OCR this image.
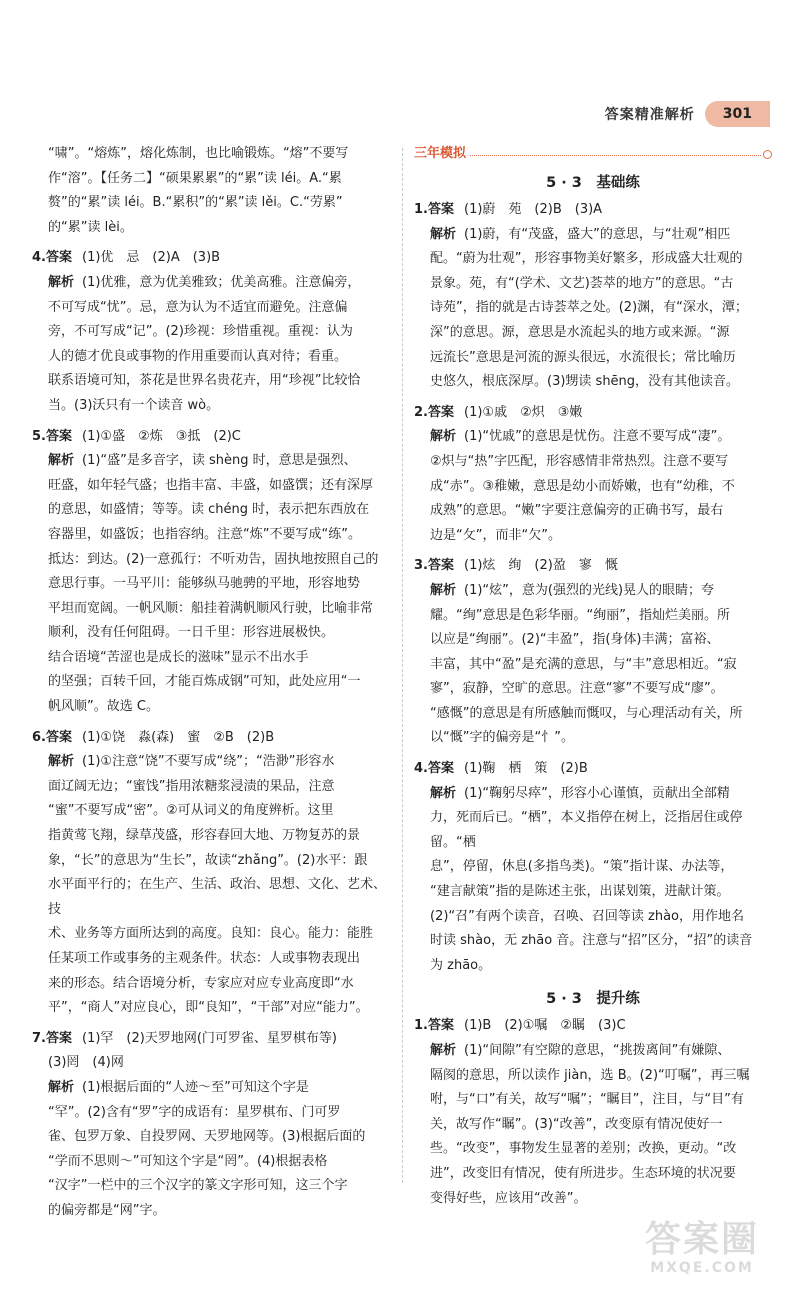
答案精准解析	301

“啸”。“熔炼”，熔化炼制，也比喻锻炼。“熔”不要写

作“溶”。【任务二】“硕果累累”的“累”读 léi。A.“累

赘”的“累”读 léi。B.“累积”的“累”读 lěi。C.“劳累”

的“累”读 lèi。

4.答案 (1)优　忌　(2)A　(3)B

解析 (1)优雅，意为优美雅致；优美高雅。注意偏旁，

不可写成“忧”。忌，意为认为不适宜而避免。注意偏

旁，不可写成“记”。(2)珍视：珍惜重视。重视：认为

人的德才优良或事物的作用重要而认真对待；看重。

联系语境可知，茶花是世界名贵花卉，用“珍视”比较恰

当。(3)沃只有一个读音 wò。

5.答案 (1)①盛　②炼　③抵　(2)C

解析 (1)“盛”是多音字，读 shèng 时，意思是强烈、

旺盛，如年轻气盛；也指丰富、丰盛，如盛馔；还有深厚

的意思，如盛情；等等。读 chéng 时，表示把东西放在

容器里，如盛饭；也指容纳。注意“炼”不要写成“练”。

抵达：到达。(2)一意孤行：不听劝告，固执地按照自己的

意思行事。一马平川：能够纵马驰骋的平地，形容地势

平坦而宽阔。一帆风顺：船挂着满帆顺风行驶，比喻非常

顺利，没有任何阻碍。一日千里：形容进展极快。

结合语境“苦涩也是成长的滋味”显示不出水手

的坚强；百转千回，才能百炼成钢”可知，此处应用“一

帆风顺”。故选 C。

6.答案 (1)①饶　淼(森)　蜜　②B　(2)B

解析 (1)①注意“饶”不要写成“绕”；“浩渺”形容水

面辽阔无边；“蜜饯”指用浓糖浆浸渍的果品，注意

“蜜”不要写成“密”。②可从词义的角度辨析。这里

指黄莺飞翔，绿草茂盛，形容春回大地、万物复苏的景

象，“长”的意思为“生长”，故读“zhǎng”。(2)水平：跟

水平面平行的；在生产、生活、政治、思想、文化、艺术、技

术、业务等方面所达到的高度。良知：良心。能力：能胜

任某项工作或事务的主观条件。状态：人或事物表现出

来的形态。结合语境分析，专家应对应专业高度即“水

平”，“商人”对应良心，即“良知”，“干部”对应“能力”。

7.答案 (1)罕　(2)天罗地网(门可罗雀、星罗棋布等)

(3)罔　(4)网

解析 (1)根据后面的“人迹～至”可知这个字是

“罕”。(2)含有“罗”字的成语有：星罗棋布、门可罗

雀、包罗万象、自投罗网、天罗地网等。(3)根据后面的

“学而不思则～”可知这个字是“罔”。(4)根据表格

“汉字”一栏中的三个汉字的篆文字形可知，这三个字

的偏旁都是“网”字。

三年模拟
5 · 3　基础练

1.答案 (1)蔚　苑　(2)B　(3)A

解析 (1)蔚，有“茂盛，盛大”的意思，与“壮观”相匹

配。“蔚为壮观”，形容事物美好繁多，形成盛大壮观的

景象。苑，有“(学术、文艺)荟萃的地方”的意思。“古

诗苑”，指的就是古诗荟萃之处。(2)渊，有“深水，潭；

深”的意思。源，意思是水流起头的地方或来源。“源

远流长”意思是河流的源头很远，水流很长；常比喻历

史悠久，根底深厚。(3)甥读 shēng，没有其他读音。

2.答案 (1)①戚　②炽　③嫩

解析 (1)“忧戚”的意思是忧伤。注意不要写成“凄”。

②炽与“热”字匹配，形容感情非常热烈。注意不要写

成“赤”。③稚嫩，意思是幼小而娇嫩，也有“幼稚，不

成熟”的意思。“嫩”字要注意偏旁的正确书写，最右

边是“攵”，而非“欠”。

3.答案 (1)炫　绚　(2)盈　寥　慨

解析 (1)“炫”，意为(强烈的光线)晃人的眼睛；夸

耀。“绚”意思是色彩华丽。“绚丽”，指灿烂美丽。所

以应是“绚丽”。(2)“丰盈”，指(身体)丰满；富裕、

丰富，其中“盈”是充满的意思，与“丰”意思相近。“寂

寥”，寂静，空旷的意思。注意“寥”不要写成“廖”。

“感慨”的意思是有所感触而慨叹，与心理活动有关，所

以“慨”字的偏旁是“忄”。

4.答案 (1)鞠　栖　策　(2)B

解析 (1)“鞠躬尽瘁”，形容小心谨慎，贡献出全部精

力，死而后已。“栖”，本义指停在树上，泛指居住或停留。“栖

息”，停留，休息(多指鸟类)。“策”指计谋、办法等，

“建言献策”指的是陈述主张，出谋划策，进献计策。

(2)“召”有两个读音，召唤、召回等读 zhào，用作地名

时读 shào，无 zhāo 音。注意与“招”区分，“招”的读音

为 zhāo。

5 · 3　提升练

1.答案 (1)B　(2)①嘱　②瞩　(3)C

解析 (1)“间隙”有空隙的意思，“挑拨离间”有嫌隙、

隔阂的意思，所以读作 jiàn，选 B。(2)“叮嘱”，再三嘱

咐，与“口”有关，故写“嘱”；“瞩目”，注目，与“目”有

关，故写作“瞩”。(3)“改善”，改变原有情况使好一

些。“改变”，事物发生显著的差别；改换，更动。“改

进”，改变旧有情况，使有所进步。生态环境的状况要

变得好些，应该用“改善”。

答案圈
MXQE.COM
